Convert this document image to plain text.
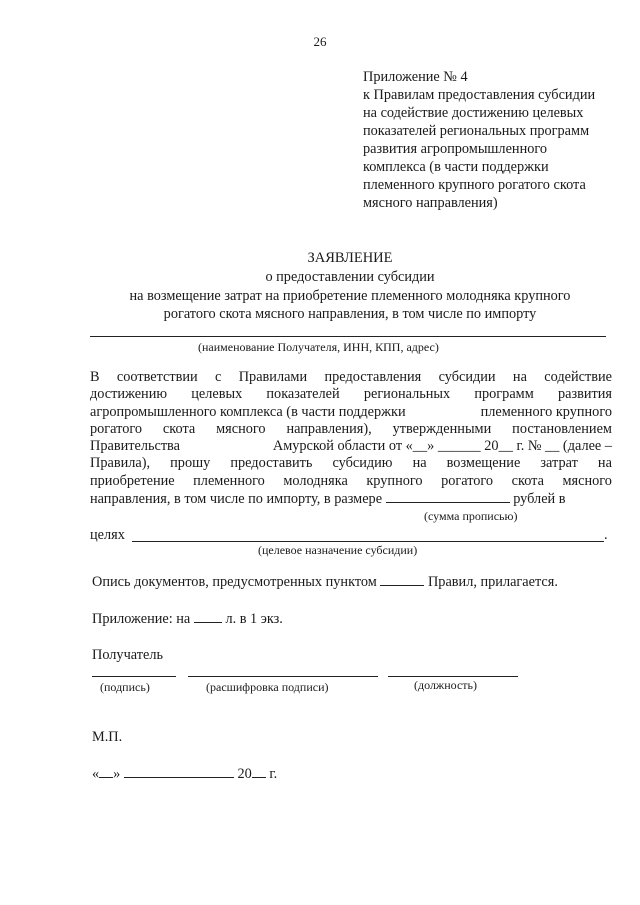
26
Приложение № 4
к Правилам предоставления субсидии
на содействие достижению целевых
показателей региональных программ
развития агропромышленного
комплекса (в части поддержки
племенного крупного рогатого скота
мясного направления)
ЗАЯВЛЕНИЕ
о предоставлении субсидии
на возмещение затрат на приобретение племенного молодняка крупного
рогатого скота мясного направления, в том числе по импорту
(наименование Получателя, ИНН, КПП, адрес)
В соответствии с Правилами предоставления субсидии на содействие
достижению целевых показателей региональных программ развития
агропромышленного комплекса (в части поддержки	племенного крупного
рогатого скота мясного направления), утвержденными постановлением
Правительства	Амурской области от «__» ______ 20__ г. № __ (далее –
Правила), прошу предоставить субсидию на возмещение затрат на
приобретение племенного молодняка крупного рогатого скота мясного
направления, в том числе по импорту, в размере	рублей в
(сумма прописью)
целях	.
(целевое назначение субсидии)
Опись документов, предусмотренных пунктом	Правил, прилагается.
Приложение: на л. в 1 экз.
Получатель
(подпись)	(расшифровка подписи)	(должность)
М.П.
« »	20 г.
